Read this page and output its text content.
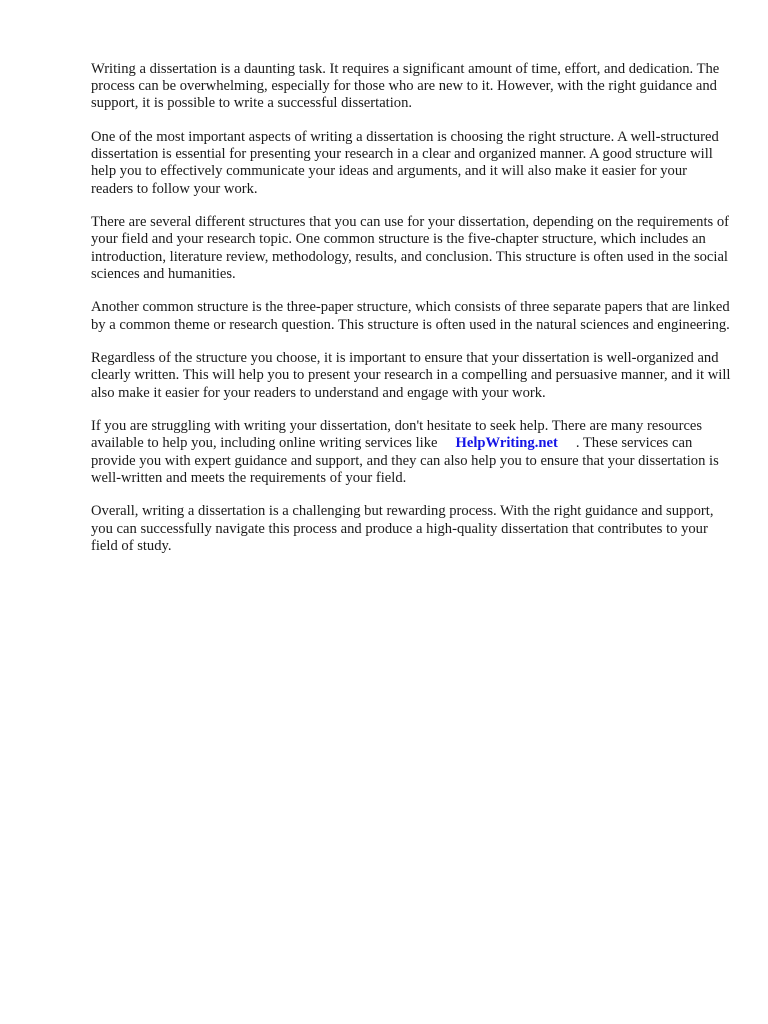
Writing a dissertation is a daunting task. It requires a significant amount of time, effort, and dedication. The process can be overwhelming, especially for those who are new to it. However, with the right guidance and support, it is possible to write a successful dissertation.

One of the most important aspects of writing a dissertation is choosing the right structure. A well-structured dissertation is essential for presenting your research in a clear and organized manner. A good structure will help you to effectively communicate your ideas and arguments, and it will also make it easier for your readers to follow your work.

There are several different structures that you can use for your dissertation, depending on the requirements of your field and your research topic. One common structure is the five-chapter structure, which includes an introduction, literature review, methodology, results, and conclusion. This structure is often used in the social sciences and humanities.

Another common structure is the three-paper structure, which consists of three separate papers that are linked by a common theme or research question. This structure is often used in the natural sciences and engineering.

Regardless of the structure you choose, it is important to ensure that your dissertation is well-organized and clearly written. This will help you to present your research in a compelling and persuasive manner, and it will also make it easier for your readers to understand and engage with your work.

If you are struggling with writing your dissertation, don't hesitate to seek help. There are many resources available to help you, including online writing services like HelpWriting.net . These services can provide you with expert guidance and support, and they can also help you to ensure that your dissertation is well-written and meets the requirements of your field.

Overall, writing a dissertation is a challenging but rewarding process. With the right guidance and support, you can successfully navigate this process and produce a high-quality dissertation that contributes to your field of study.
